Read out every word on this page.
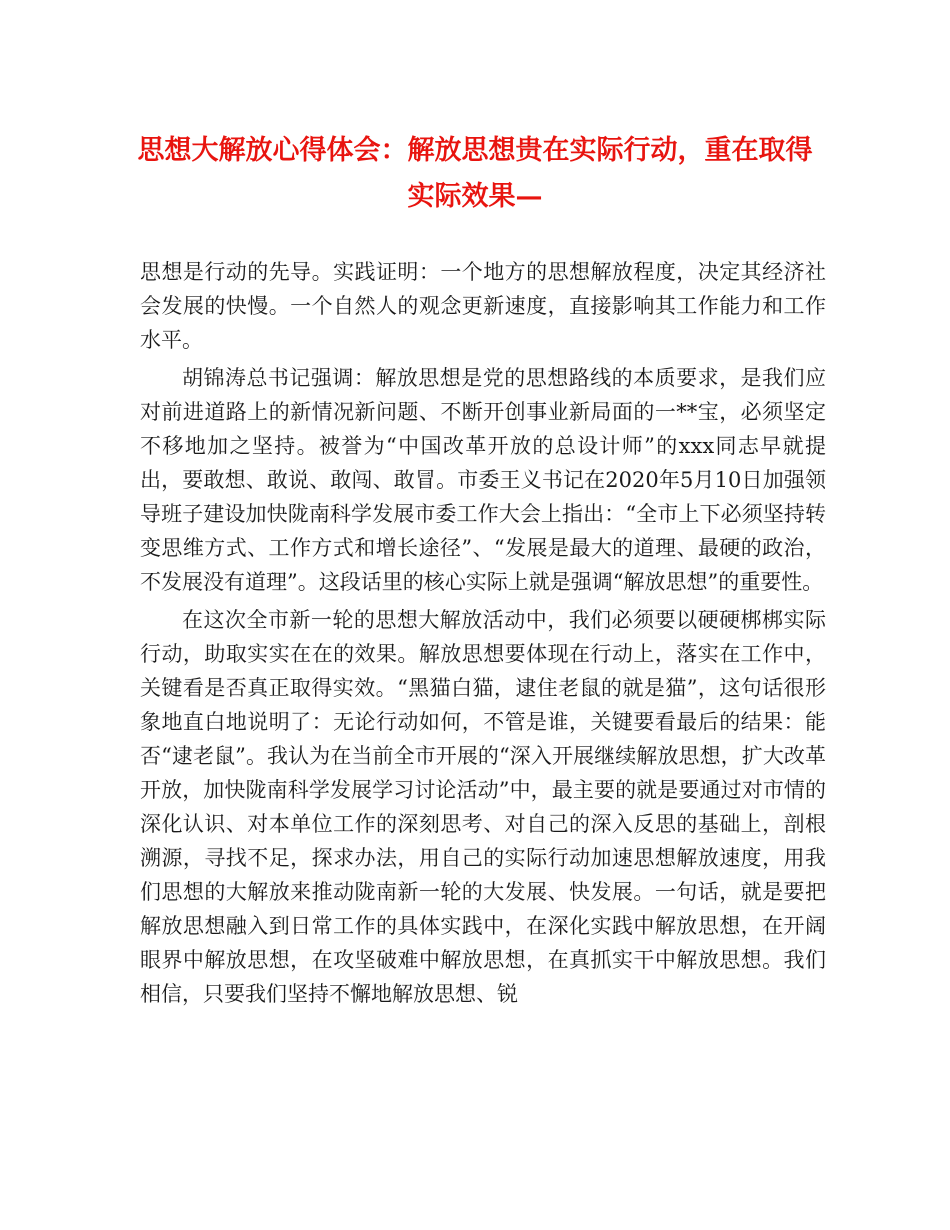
思想大解放心得体会：解放思想贵在实际行动，重在取得实际效果—

思想是行动的先导。实践证明：一个地方的思想解放程度，决定其经济社会发展的快慢。一个自然人的观念更新速度，直接影响其工作能力和工作水平。

胡锦涛总书记强调：解放思想是党的思想路线的本质要求，是我们应对前进道路上的新情况新问题、不断开创事业新局面的一**宝，必须坚定不移地加之坚持。被誉为“中国改革开放的总设计师”的xxx同志早就提出，要敢想、敢说、敢闯、敢冒。市委王义书记在2020年5月10日加强领导班子建设加快陇南科学发展市委工作大会上指出：“全市上下必须坚持转变思维方式、工作方式和增长途径”、“发展是最大的道理、最硬的政治，不发展没有道理”。这段话里的核心实际上就是强调“解放思想”的重要性。

在这次全市新一轮的思想大解放活动中，我们必须要以硬硬梆梆实际行动，助取实实在在的效果。解放思想要体现在行动上，落实在工作中，关键看是否真正取得实效。“黑猫白猫，逮住老鼠的就是猫”，这句话很形象地直白地说明了：无论行动如何，不管是谁，关键要看最后的结果：能否“逮老鼠”。我认为在当前全市开展的“深入开展继续解放思想，扩大改革开放，加快陇南科学发展学习讨论活动”中，最主要的就是要通过对市情的深化认识、对本单位工作的深刻思考、对自己的深入反思的基础上，剖根溯源，寻找不足，探求办法，用自己的实际行动加速思想解放速度，用我们思想的大解放来推动陇南新一轮的大发展、快发展。一句话，就是要把解放思想融入到日常工作的具体实践中，在深化实践中解放思想，在开阔眼界中解放思想，在攻坚破难中解放思想，在真抓实干中解放思想。我们相信，只要我们坚持不懈地解放思想、锐
